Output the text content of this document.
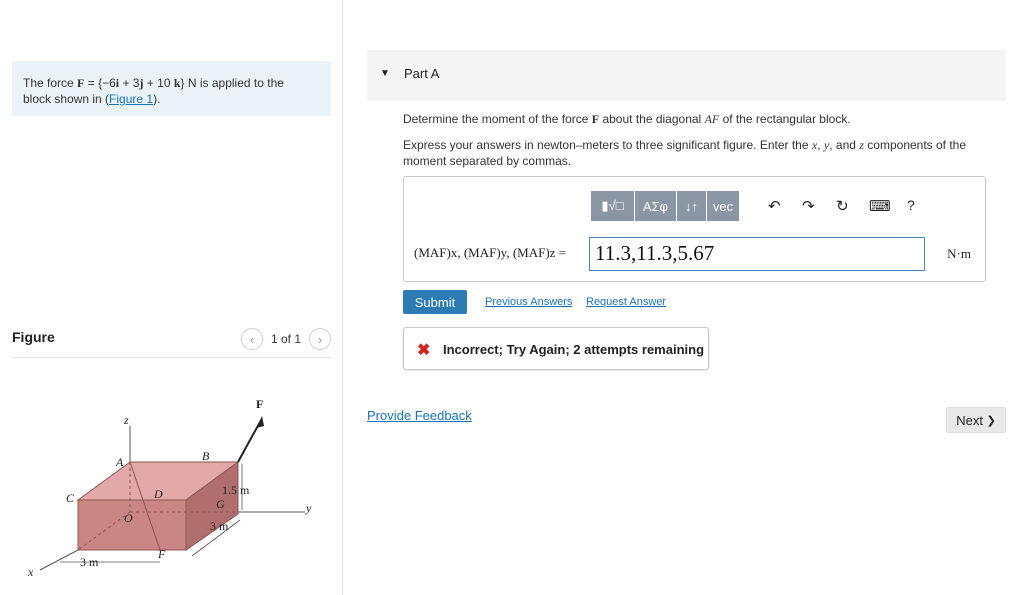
The force F = {−6i + 3j + 10 k} N is applied to the
block shown in (Figure 1).
Figure	‹ 1 of 1 ›
z
F
A	B
C	D
O
G
F
x
y
1.5 m
3 m
3 m
▼ Part A
Determine the moment of the force F about the diagonal AF of the rectangular block.
Express your answers in newton–meters to three significant figure. Enter the x, y, and z components of the moment separated by commas.
▮√□	AΣφ	↓↑	vec	↶ ↷ ↻ ⌨ ?
(MAF)x, (MAF)y, (MAF)z = 11.3,11.3,5.67	N·m
Submit	Previous Answers Request Answer
✖ Incorrect; Try Again; 2 attempts remaining
Provide Feedback	Next
❯
